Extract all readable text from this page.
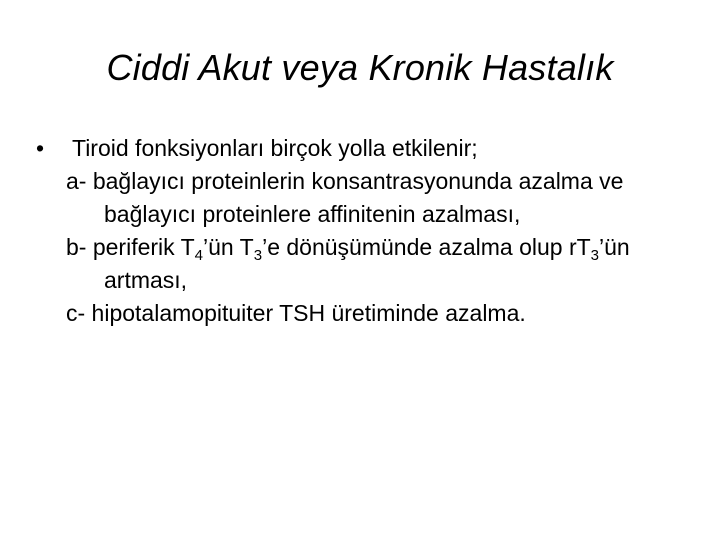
Ciddi Akut veya Kronik Hastalık
•	Tiroid fonksiyonları birçok yolla etkilenir;
a- bağlayıcı proteinlerin konsantrasyonunda azalma ve bağlayıcı proteinlere affinitenin azalması,
b- periferik $T_4’ün$ $T_3’e$ dönüşümünde azalma olup $rT_3’ün$ artması,
c- hipotalamopituiter TSH üretiminde azalma.
